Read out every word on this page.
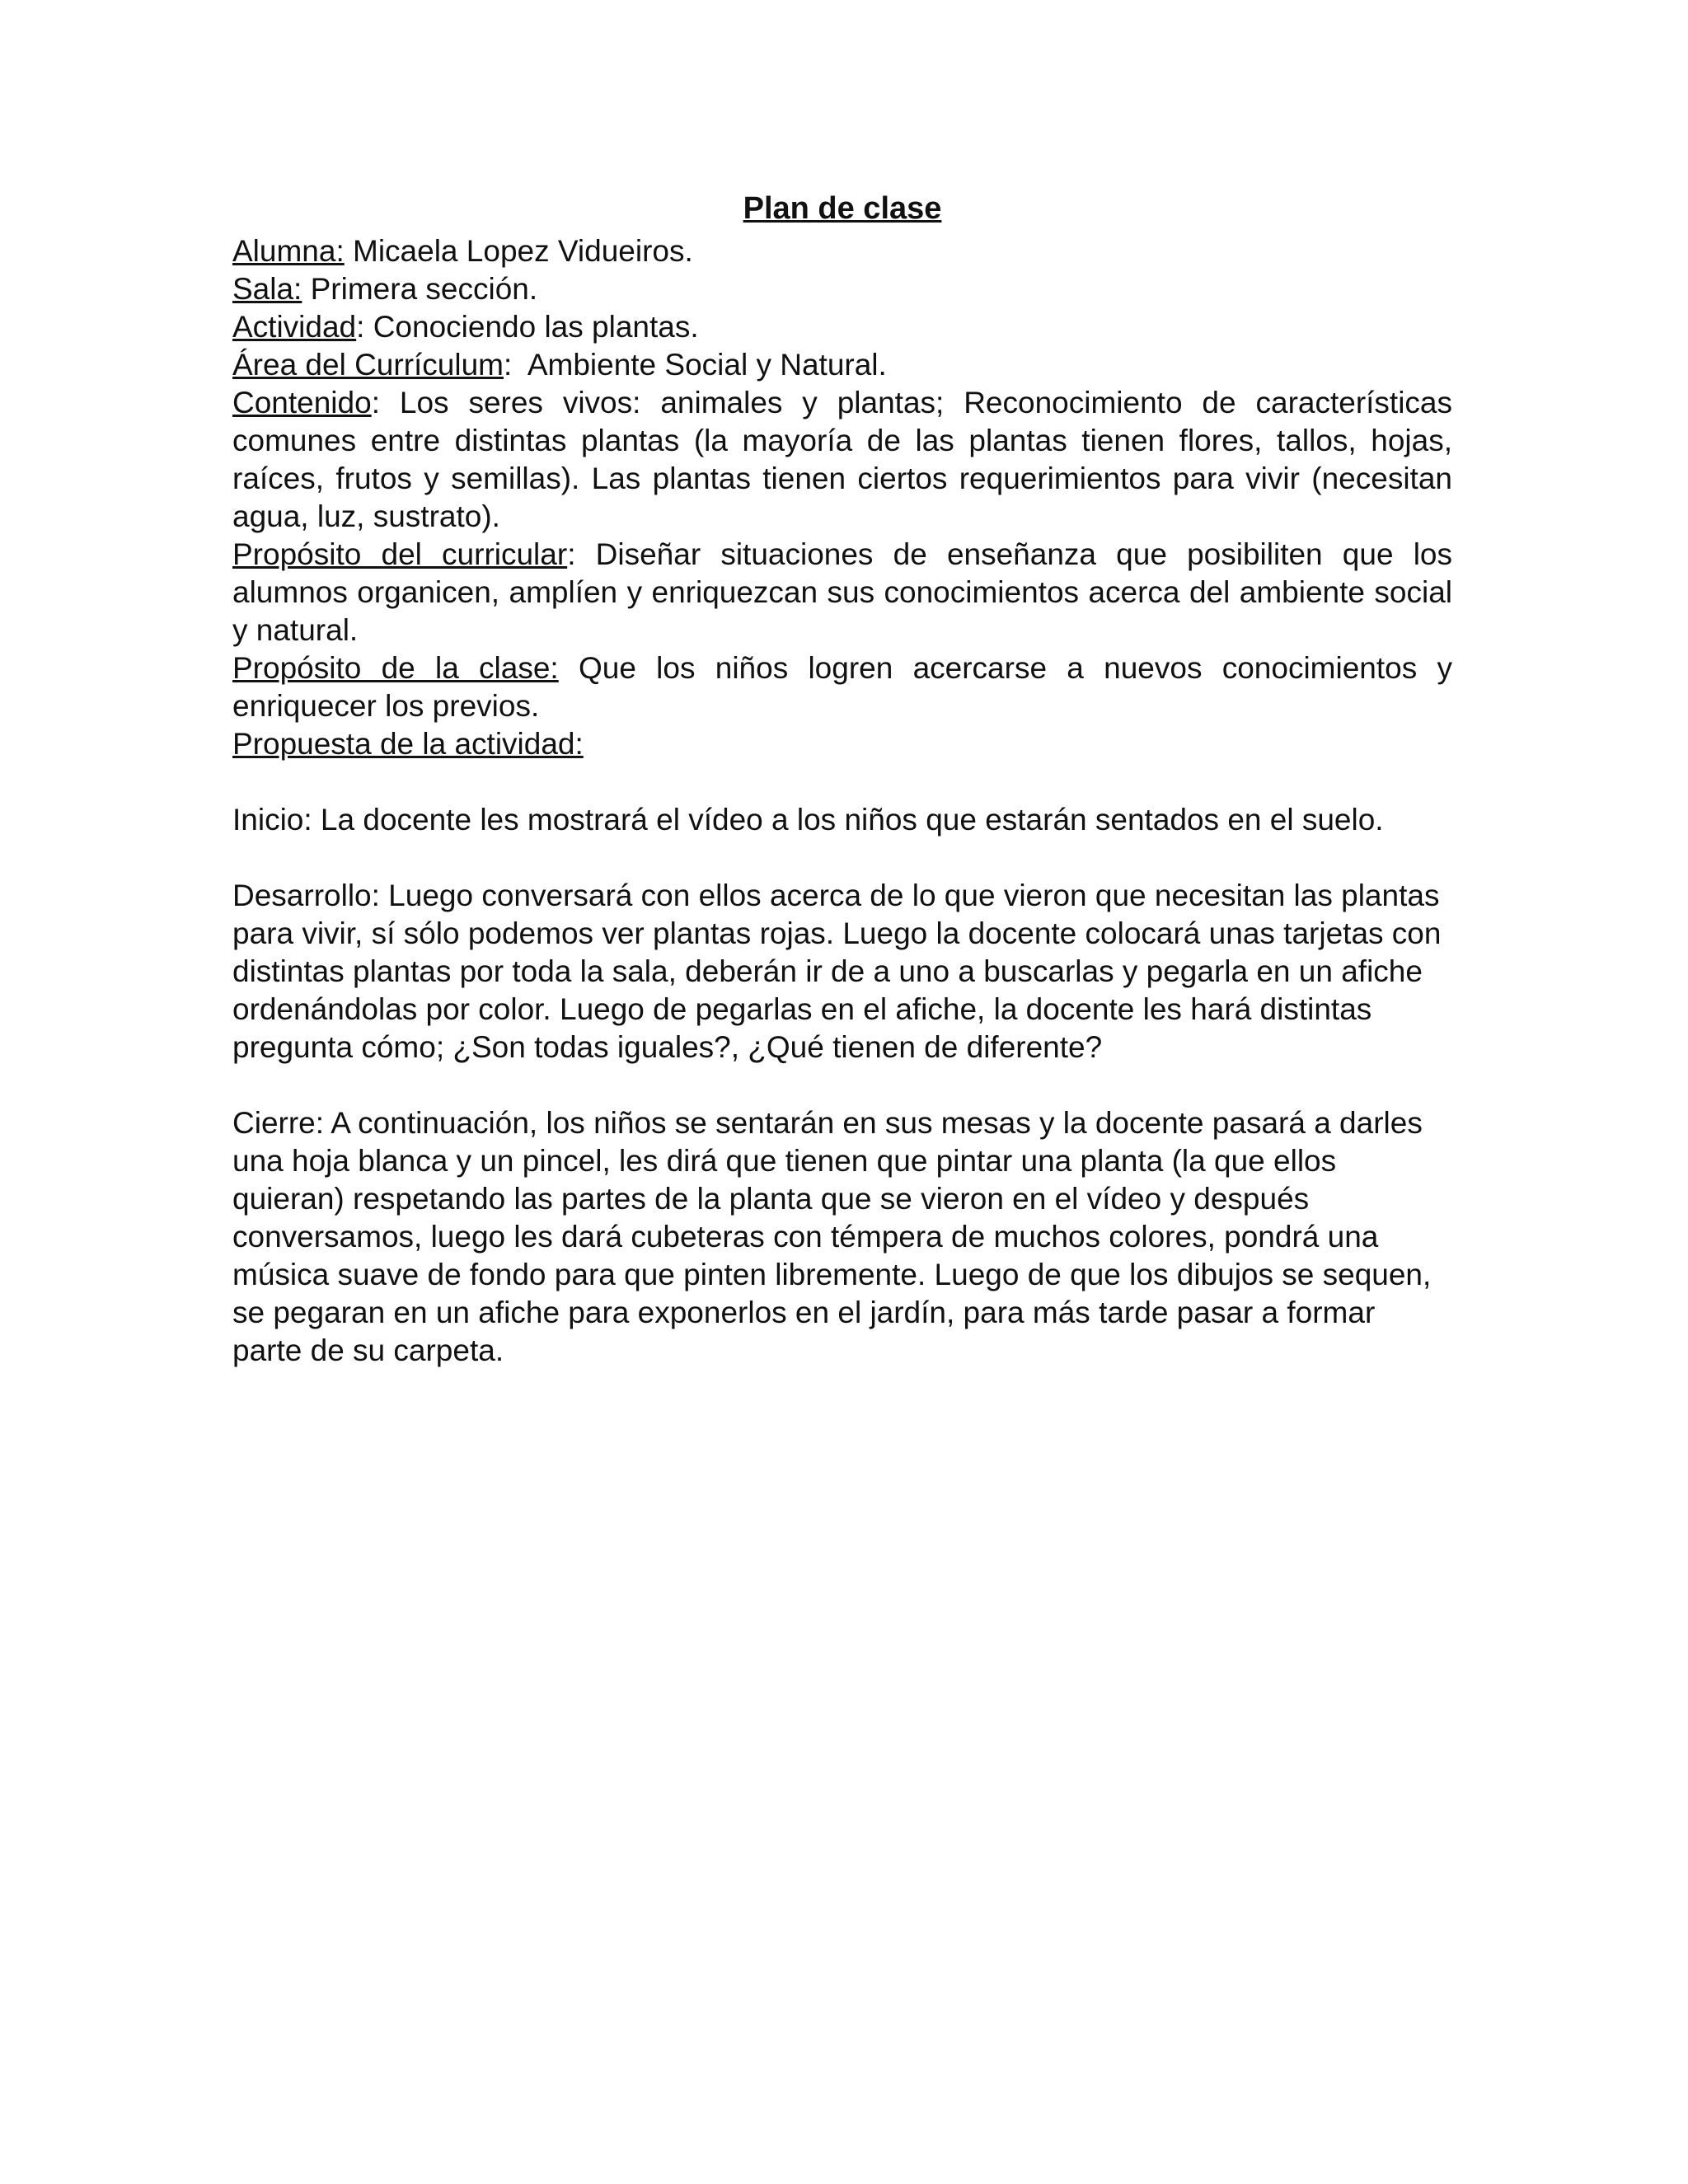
Plan de clase

Alumna: Micaela Lopez Vidueiros.

Sala: Primera sección.

Actividad: Conociendo las plantas.

Área del Currículum:  Ambiente Social y Natural.

Contenido: Los seres vivos: animales y plantas; Reconocimiento de características comunes entre distintas plantas (la mayoría de las plantas tienen flores, tallos, hojas, raíces, frutos y semillas). Las plantas tienen ciertos requerimientos para vivir (necesitan agua, luz, sustrato).

Propósito del curricular: Diseñar situaciones de enseñanza que posibiliten que los alumnos organicen, amplíen y enriquezcan sus conocimientos acerca del ambiente social y natural.

Propósito de la clase: Que los niños logren acercarse a nuevos conocimientos y enriquecer los previos.

Propuesta de la actividad:

Inicio: La docente les mostrará el vídeo a los niños que estarán sentados en el suelo.

Desarrollo: Luego conversará con ellos acerca de lo que vieron que necesitan las plantas para vivir, sí sólo podemos ver plantas rojas. Luego la docente colocará unas tarjetas con distintas plantas por toda la sala, deberán ir de a uno a buscarlas y pegarla en un afiche ordenándolas por color. Luego de pegarlas en el afiche, la docente les hará distintas pregunta cómo; ¿Son todas iguales?, ¿Qué tienen de diferente?

Cierre: A continuación, los niños se sentarán en sus mesas y la docente pasará a darles una hoja blanca y un pincel, les dirá que tienen que pintar una planta (la que ellos quieran) respetando las partes de la planta que se vieron en el vídeo y después conversamos, luego les dará cubeteras con témpera de muchos colores, pondrá una música suave de fondo para que pinten libremente. Luego de que los dibujos se sequen, se pegaran en un afiche para exponerlos en el jardín, para más tarde pasar a formar parte de su carpeta.
